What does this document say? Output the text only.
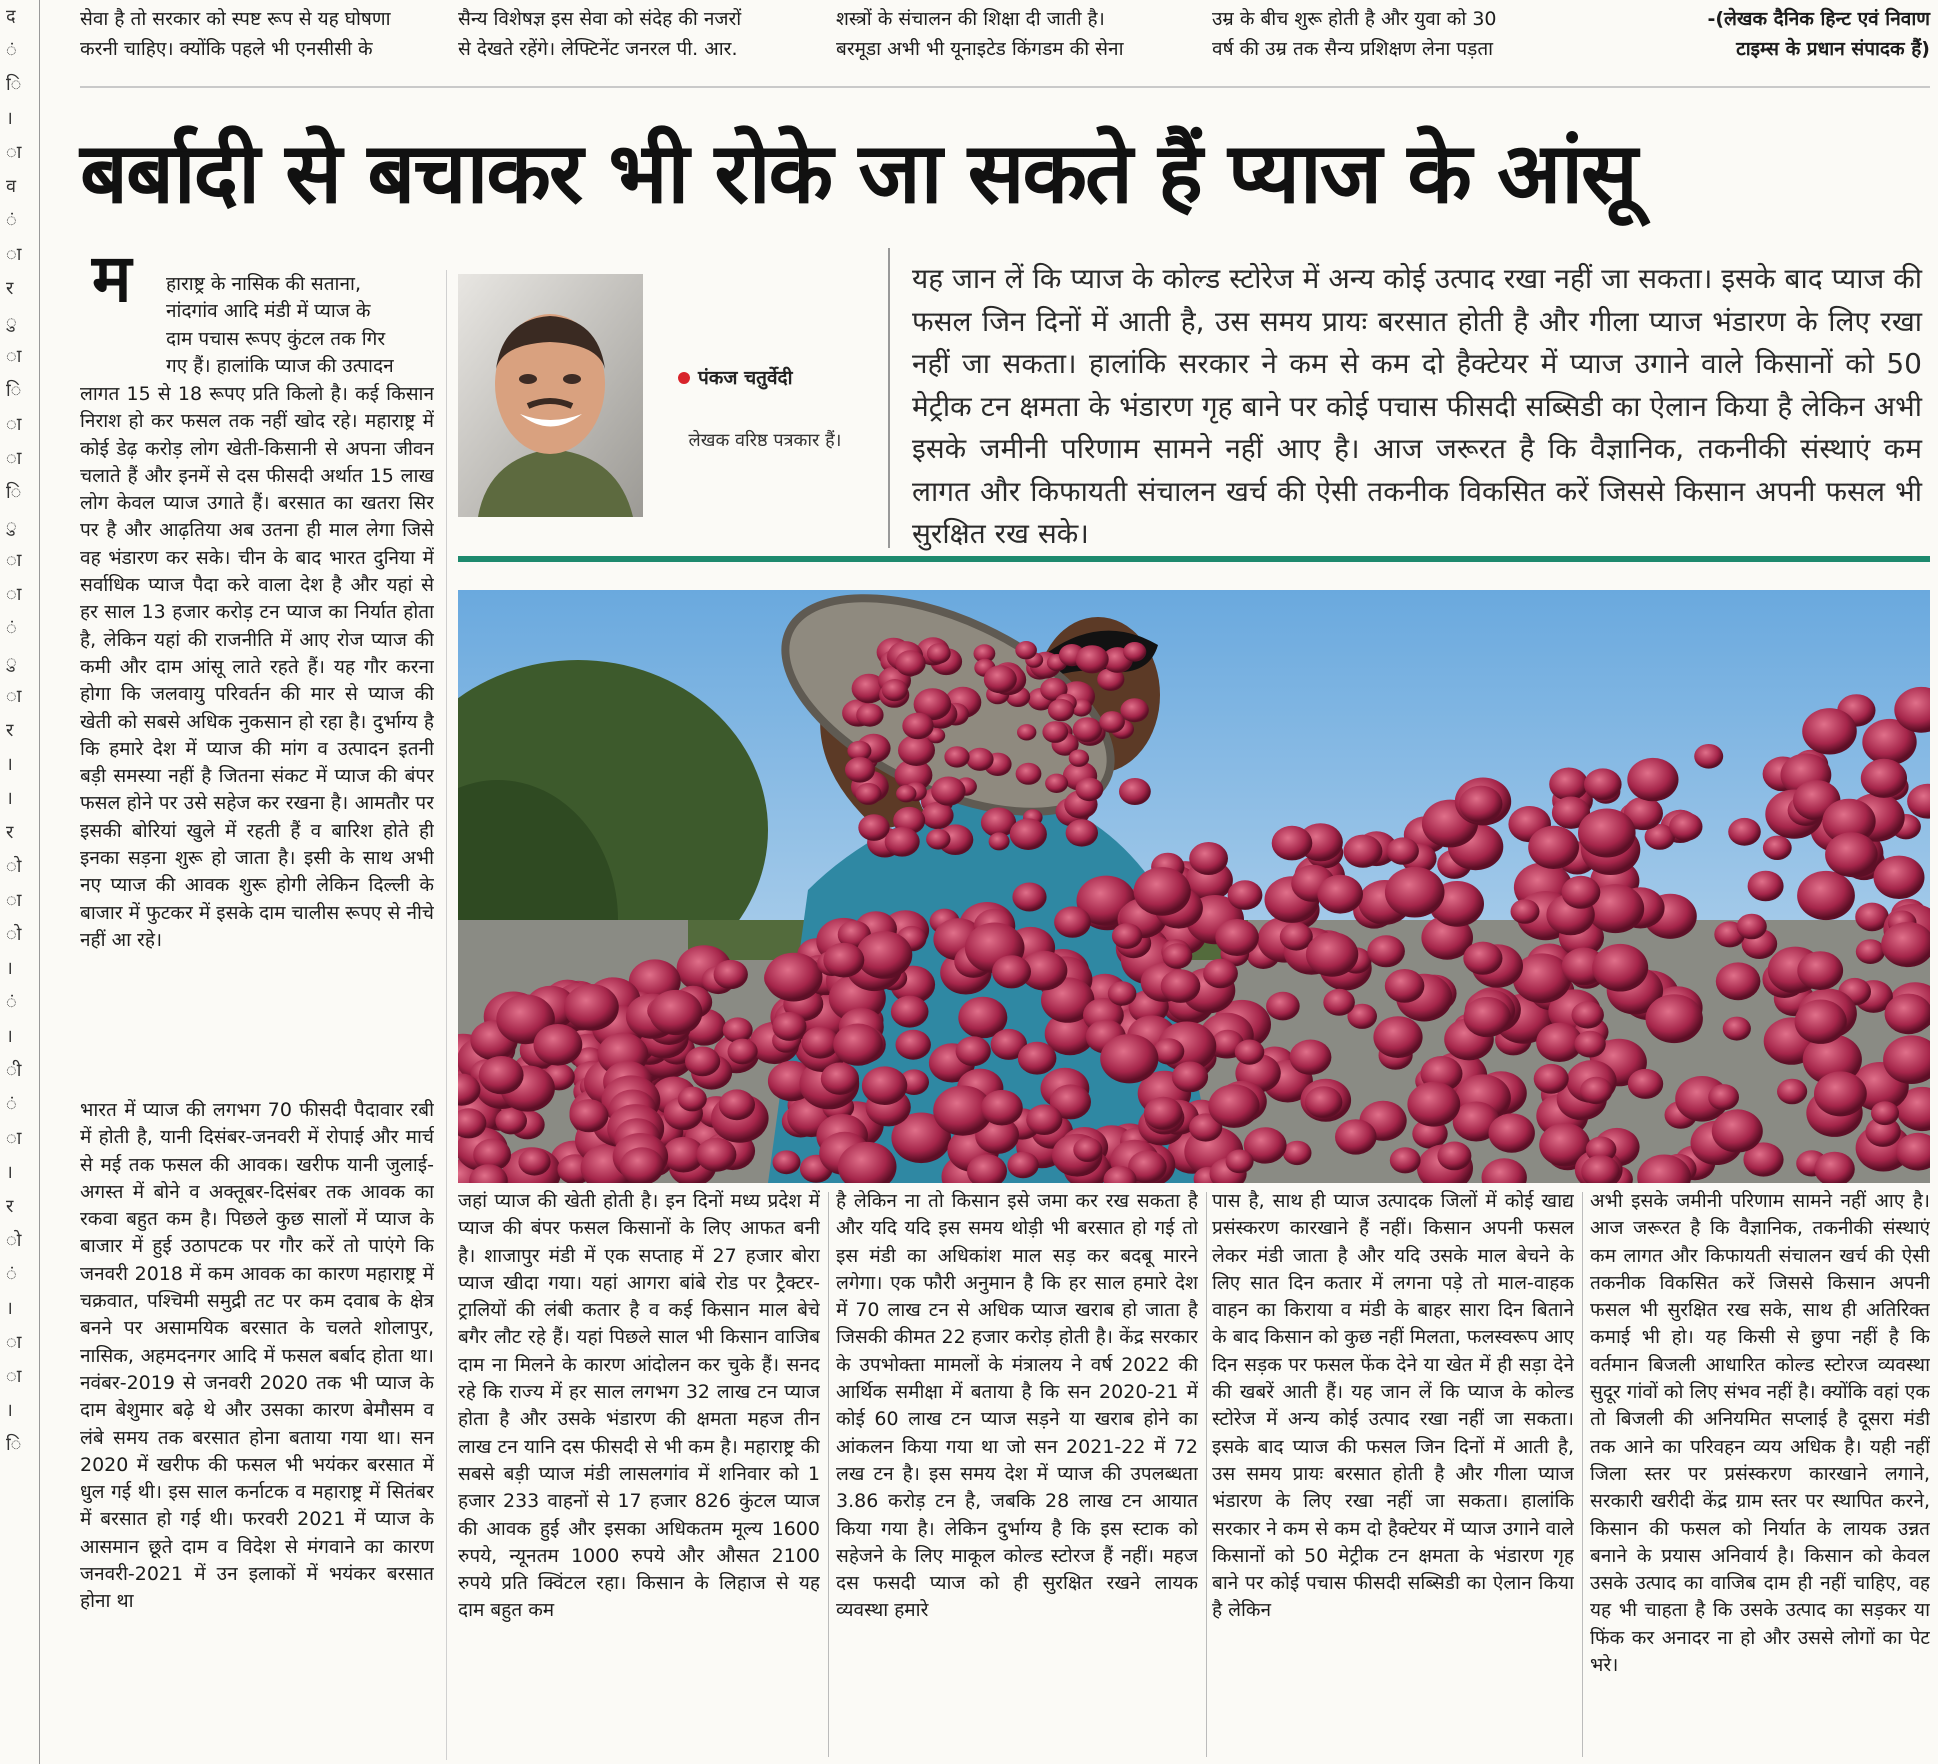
द
ं
ि
।
ा
व
ं
ा
र
ु
ा
ि
ा
ा
ि
ु
ा
ा
ं
ु
ा
र
।
।
र
ो
ा
ो
।
ं
।
ी
ं
ा
।
र
ो
ं
।
ा
ा
।
ि
सेवा है तो सरकार को स्पष्ट रूप से यह घोषणा
करनी चाहिए। क्योंकि पहले भी एनसीसी के
सैन्य विशेषज्ञ इस सेवा को संदेह की नजरों
से देखते रहेंगे। लेफ्टिनेंट जनरल पी. आर.
शस्त्रों के संचालन की शिक्षा दी जाती है।
बरमूडा अभी भी यूनाइटेड किंगडम की सेना
उम्र के बीच शुरू होती है और युवा को 30
वर्ष की उम्र तक सैन्य प्रशिक्षण लेना पड़ता
-(लेखक दैनिक हिन्ट एवं निवाण
टाइम्स के प्रधान संपादक हैं)
बर्बादी से बचाकर भी रोके जा सकते हैं प्याज के आंसू
म हाराष्ट्र के नासिक की सताना,
नांदगांव आदि मंडी में प्याज के
दाम पचास रूपए कुंटल तक गिर
गए हैं। हालांकि प्याज की उत्पादन
लागत 15 से 18 रूपए प्रति किलो है। कई किसान निराश हो कर फसल तक नहीं खोद रहे। महाराष्ट्र में कोई डेढ़ करोड़ लोग खेती-किसानी से अपना जीवन चलाते हैं और इनमें से दस फीसदी अर्थात 15 लाख लोग केवल प्याज उगाते हैं। बरसात का खतरा सिर पर है और आढ़तिया अब उतना ही माल लेगा जिसे वह भंडारण कर सके। चीन के बाद भारत दुनिया में सर्वाधिक प्याज पैदा करे वाला देश है और यहां से हर साल 13 हजार करोड़ टन प्याज का निर्यात होता है, लेकिन यहां की राजनीति में आए रोज प्याज की कमी और दाम आंसू लाते रहते हैं। यह गौर करना होगा कि जलवायु परिवर्तन की मार से प्याज की खेती को सबसे अधिक नुकसान हो रहा है। दुर्भाग्य है कि हमारे देश में प्याज की मांग व उत्पादन इतनी बड़ी समस्या नहीं है जितना संकट में प्याज की बंपर फसल होने पर उसे सहेज कर रखना है। आमतौर पर इसकी बोरियां खुले में रहती हैं व बारिश होते ही इनका सड़ना शुरू हो जाता है। इसी के साथ अभी नए प्याज की आवक शुरू होगी लेकिन दिल्ली के बाजार में फुटकर में इसके दाम चालीस रूपए से नीचे नहीं आ रहे।
भारत में प्याज की लगभग 70 फीसदी पैदावार रबी में होती है, यानी दिसंबर-जनवरी में रोपाई और मार्च से मई तक फसल की आवक। खरीफ यानी जुलाई-अगस्त में बोने व अक्तूबर-दिसंबर तक आवक का रकवा बहुत कम है। पिछले कुछ सालों में प्याज के बाजार में हुई उठापटक पर गौर करें तो पाएंगे कि जनवरी 2018 में कम आवक का कारण महाराष्ट्र में चक्रवात, पश्चिमी समुद्री तट पर कम दवाब के क्षेत्र बनने पर असामयिक बरसात के चलते शोलापुर, नासिक, अहमदनगर आदि में फसल बर्बाद होता था। नवंबर-2019 से जनवरी 2020 तक भी प्याज के दाम बेशुमार बढ़े थे और उसका कारण बेमौसम व लंबे समय तक बरसात होना बताया गया था। सन 2020 में खरीफ की फसल भी भयंकर बरसात में धुल गई थी। इस साल कर्नाटक व महाराष्ट्र में सितंबर में बरसात हो गई थी। फरवरी 2021 में प्याज के आसमान छूते दाम व विदेश से मंगवाने का कारण जनवरी-2021 में उन इलाकों में भयंकर बरसात होना था
पंकज चतुर्वेदी
लेखक वरिष्ठ पत्रकार हैं।
यह जान लें कि प्याज के कोल्ड स्टोरेज में अन्य कोई उत्पाद रखा नहीं जा सकता। इसके बाद प्याज की फसल जिन दिनों में आती है, उस समय प्रायः बरसात होती है और गीला प्याज भंडारण के लिए रखा नहीं जा सकता। हालांकि सरकार ने कम से कम दो हैक्टेयर में प्याज उगाने वाले किसानों को 50 मेट्रीक टन क्षमता के भंडारण गृह बाने पर कोई पचास फीसदी सब्सिडी का ऐलान किया है लेकिन अभी इसके जमीनी परिणाम सामने नहीं आए है। आज जरूरत है कि वैज्ञानिक, तकनीकी संस्थाएं कम लागत और किफायती संचालन खर्च की ऐसी तकनीक विकसित करें जिससे किसान अपनी फसल भी सुरक्षित रख सके।
जहां प्याज की खेती होती है। इन दिनों मध्य प्रदेश में प्याज की बंपर फसल किसानों के लिए आफत बनी है। शाजापुर मंडी में एक सप्ताह में 27 हजार बोरा प्याज खीदा गया। यहां आगरा बांबे रोड पर ट्रैक्टर-ट्रालियों की लंबी कतार है व कई किसान माल बेचे बगैर लौट रहे हैं। यहां पिछले साल भी किसान वाजिब दाम ना मिलने के कारण आंदोलन कर चुके हैं। सनद रहे कि राज्य में हर साल लगभग 32 लाख टन प्याज होता है और उसके भंडारण की क्षमता महज तीन लाख टन यानि दस फीसदी से भी कम है। महाराष्ट्र की सबसे बड़ी प्याज मंडी लासलगांव में शनिवार को 1 हजार 233 वाहनों से 17 हजार 826 कुंटल प्याज की आवक हुई और इसका अधिकतम मूल्य 1600 रुपये, न्यूनतम 1000 रुपये और औसत 2100 रुपये प्रति क्विंटल रहा। किसान के लिहाज से यह दाम बहुत कम
है लेकिन ना तो किसान इसे जमा कर रख सकता है और यदि यदि इस समय थोड़ी भी बरसात हो गई तो इस मंडी का अधिकांश माल सड़ कर बदबू मारने लगेगा। एक फौरी अनुमान है कि हर साल हमारे देश में 70 लाख टन से अधिक प्याज खराब हो जाता है जिसकी कीमत 22 हजार करोड़ होती है। केंद्र सरकार के उपभोक्ता मामलों के मंत्रालय ने वर्ष 2022 की आर्थिक समीक्षा में बताया है कि सन 2020-21 में कोई 60 लाख टन प्याज सड़ने या खराब होने का आंकलन किया गया था जो सन 2021-22 में 72 लख टन है। इस समय देश में प्याज की उपलब्धता 3.86 करोड़ टन है, जबकि 28 लाख टन आयात किया गया है। लेकिन दुर्भाग्य है कि इस स्टाक को सहेजने के लिए माकूल कोल्ड स्टोरज हैं नहीं। महज दस फसदी प्याज को ही सुरक्षित रखने लायक व्यवस्था हमारे
पास है, साथ ही प्याज उत्पादक जिलों में कोई खाद्य प्रसंस्करण कारखाने हैं नहीं। किसान अपनी फसल लेकर मंडी जाता है और यदि उसके माल बेचने के लिए सात दिन कतार में लगना पड़े तो माल-वाहक वाहन का किराया व मंडी के बाहर सारा दिन बिताने के बाद किसान को कुछ नहीं मिलता, फलस्वरूप आए दिन सड़क पर फसल फेंक देने या खेत में ही सड़ा देने की खबरें आती हैं। यह जान लें कि प्याज के कोल्ड स्टोरेज में अन्य कोई उत्पाद रखा नहीं जा सकता। इसके बाद प्याज की फसल जिन दिनों में आती है, उस समय प्रायः बरसात होती है और गीला प्याज भंडारण के लिए रखा नहीं जा सकता। हालांकि सरकार ने कम से कम दो हैक्टेयर में प्याज उगाने वाले किसानों को 50 मेट्रीक टन क्षमता के भंडारण गृह बाने पर कोई पचास फीसदी सब्सिडी का ऐलान किया है लेकिन
अभी इसके जमीनी परिणाम सामने नहीं आए है। आज जरूरत है कि वैज्ञानिक, तकनीकी संस्थाएं कम लागत और किफायती संचालन खर्च की ऐसी तकनीक विकसित करें जिससे किसान अपनी फसल भी सुरक्षित रख सके, साथ ही अतिरिक्त कमाई भी हो। यह किसी से छुपा नहीं है कि वर्तमान बिजली आधारित कोल्ड स्टोरज व्यवस्था सुदूर गांवों को लिए संभव नहीं है। क्योंकि वहां एक तो बिजली की अनियमित सप्लाई है दूसरा मंडी तक आने का परिवहन व्यय अधिक है। यही नहीं जिला स्तर पर प्रसंस्करण कारखाने लगाने, सरकारी खरीदी केंद्र ग्राम स्तर पर स्थापित करने, किसान की फसल को निर्यात के लायक उन्नत बनाने के प्रयास अनिवार्य है। किसान को केवल उसके उत्पाद का वाजिब दाम ही नहीं चाहिए, वह यह भी चाहता है कि उसके उत्पाद का सड़कर या फिंक कर अनादर ना हो और उससे लोगों का पेट भरे।
